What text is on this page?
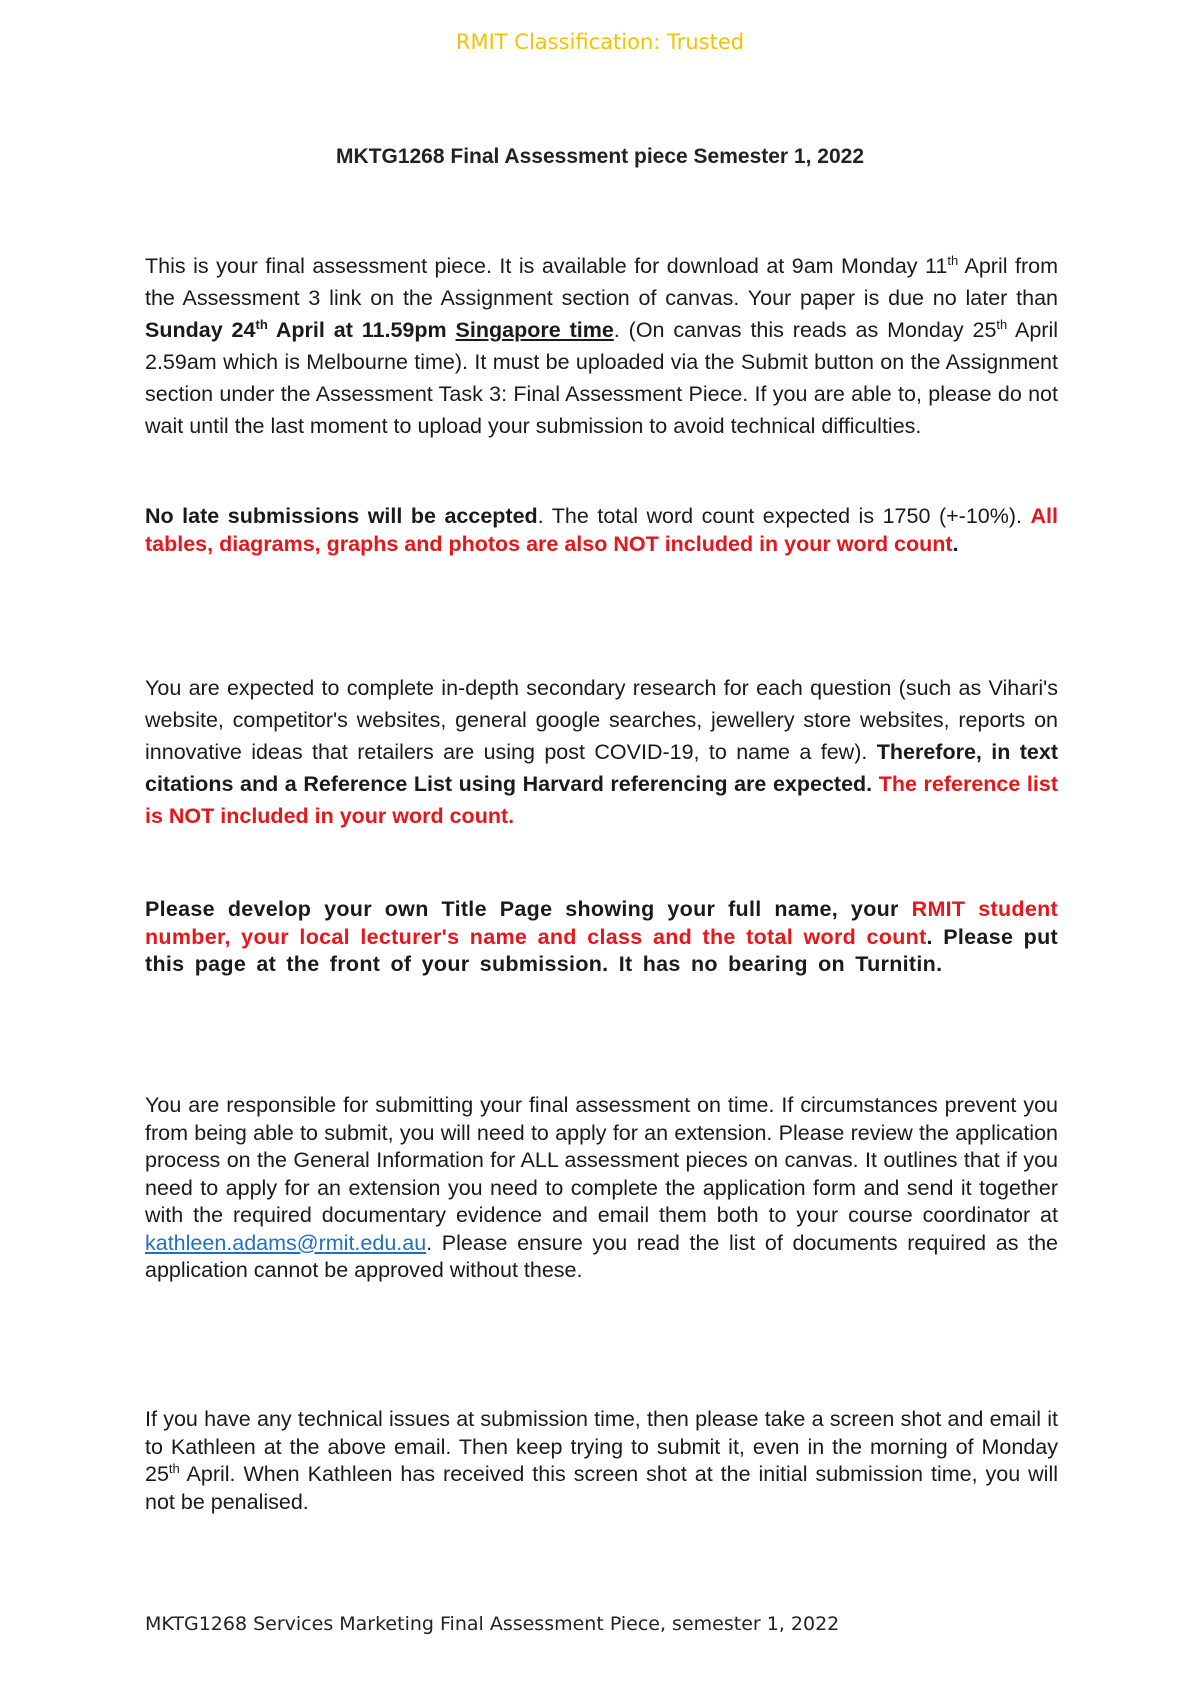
RMIT Classification: Trusted
MKTG1268 Final Assessment piece Semester 1, 2022
This is your final assessment piece. It is available for download at 9am Monday 11th April from the Assessment 3 link on the Assignment section of canvas. Your paper is due no later than Sunday 24th April at 11.59pm Singapore time. (On canvas this reads as Monday 25th April 2.59am which is Melbourne time). It must be uploaded via the Submit button on the Assignment section under the Assessment Task 3: Final Assessment Piece. If you are able to, please do not wait until the last moment to upload your submission to avoid technical difficulties.
No late submissions will be accepted. The total word count expected is 1750 (+-10%). All tables, diagrams, graphs and photos are also NOT included in your word count.
You are expected to complete in-depth secondary research for each question (such as Vihari's website, competitor's websites, general google searches, jewellery store websites, reports on innovative ideas that retailers are using post COVID-19, to name a few). Therefore, in text citations and a Reference List using Harvard referencing are expected. The reference list is NOT included in your word count.
Please develop your own Title Page showing your full name, your RMIT student number, your local lecturer's name and class and the total word count. Please put this page at the front of your submission. It has no bearing on Turnitin.
You are responsible for submitting your final assessment on time. If circumstances prevent you from being able to submit, you will need to apply for an extension. Please review the application process on the General Information for ALL assessment pieces on canvas. It outlines that if you need to apply for an extension you need to complete the application form and send it together with the required documentary evidence and email them both to your course coordinator at kathleen.adams@rmit.edu.au. Please ensure you read the list of documents required as the application cannot be approved without these.
If you have any technical issues at submission time, then please take a screen shot and email it to Kathleen at the above email. Then keep trying to submit it, even in the morning of Monday 25th April. When Kathleen has received this screen shot at the initial submission time, you will not be penalised.
MKTG1268 Services Marketing Final Assessment Piece, semester 1, 2022
